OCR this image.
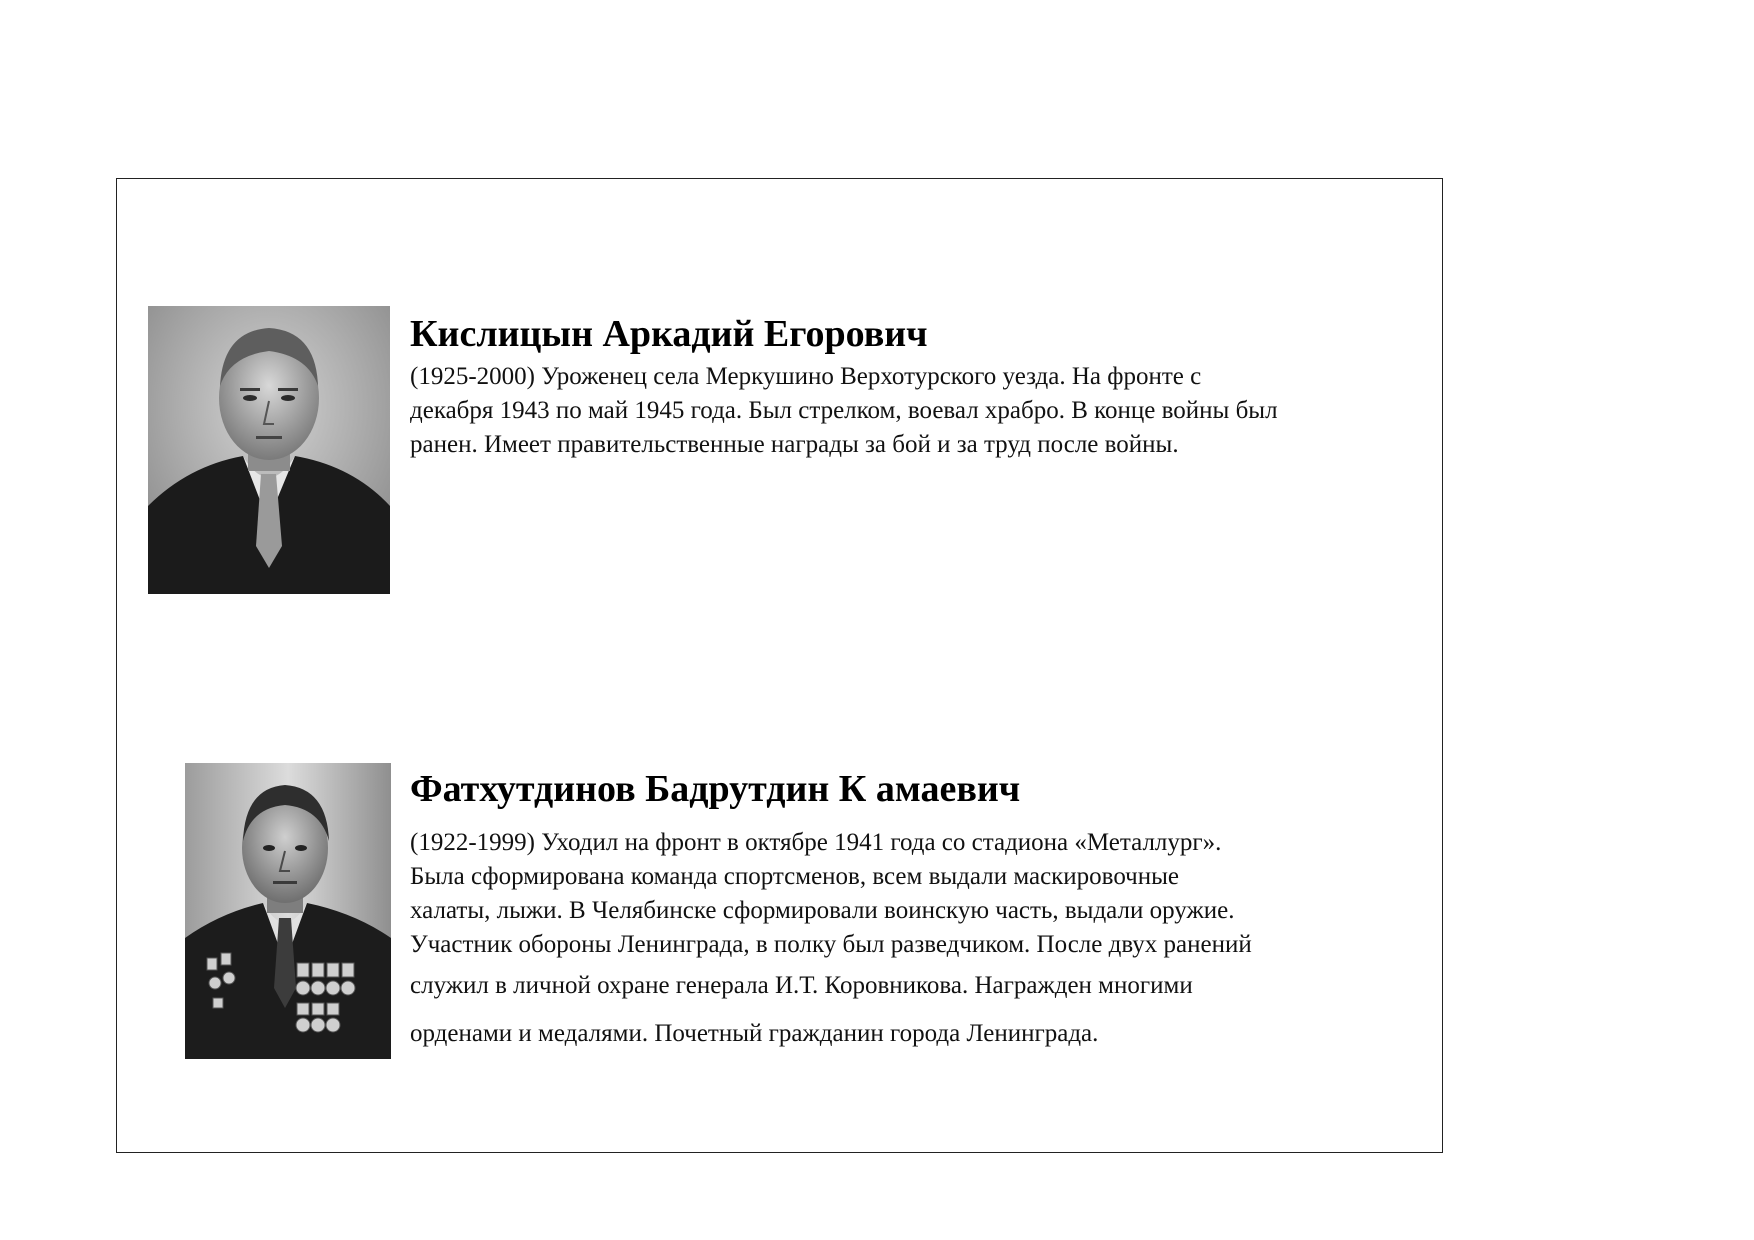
Кислицын Аркадий Егорович

(1925-2000) Уроженец села Меркушино Верхотурского уезда. На фронте с
декабря 1943 по май 1945 года. Был стрелком, воевал храбро. В конце войны был
ранен. Имеет правительственные награды за бой и за труд после войны.

Фатхутдинов Бадрутдин К амаевич

(1922-1999) Уходил на фронт в октябре 1941 года со стадиона «Металлург».
Была сформирована команда спортсменов, всем выдали маскировочные
халаты, лыжи. В Челябинске сформировали воинскую часть, выдали оружие.
Участник обороны Ленинграда, в полку был разведчиком. После двух ранений
служил в личной охране генерала И.Т. Коровникова. Награжден многими
орденами и медалями. Почетный гражданин города Ленинграда.
